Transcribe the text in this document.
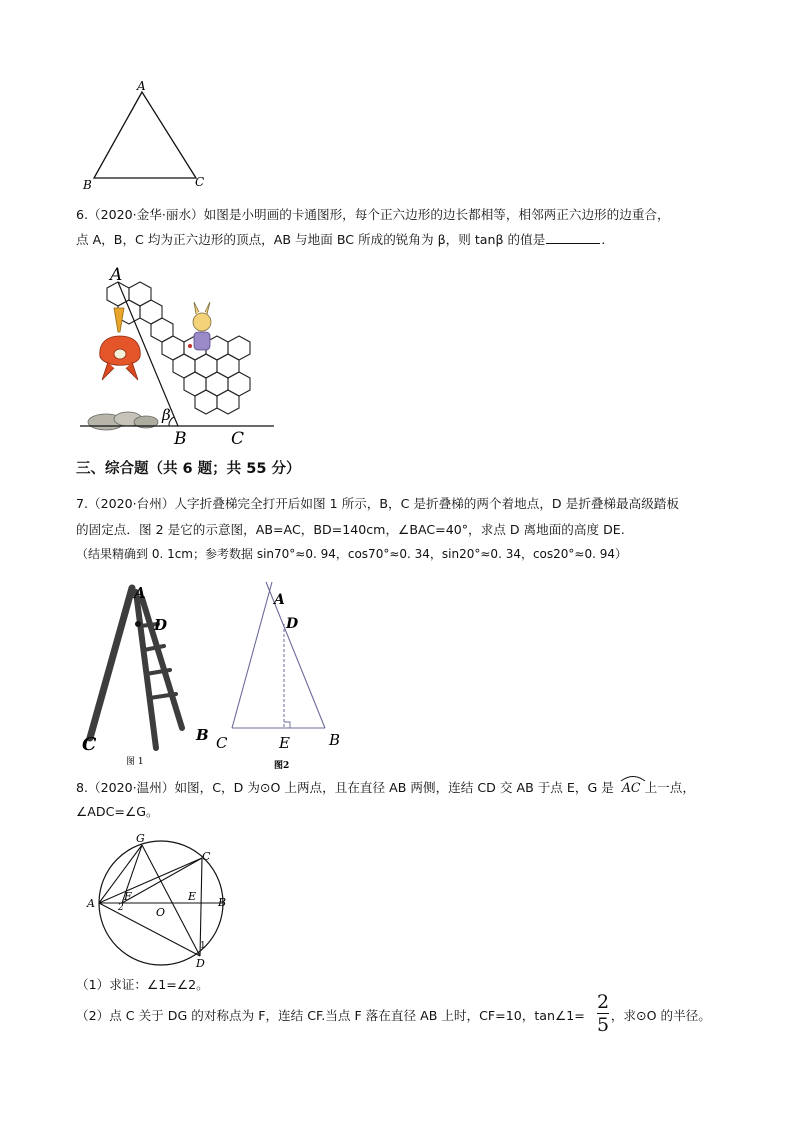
A
B	C
6.（2020·金华·丽水）如图是小明画的卡通图形，每个正六边形的边长都相等，相邻两正六边形的边重合，
点 A，B，C 均为正六边形的顶点，AB 与地面 BC 所成的锐角为 β，则 tanβ 的值是	.
A
B	C
β
三、综合题（共 6 题；共 55 分）
7.（2020·台州）人字折叠梯完全打开后如图 1 所示，B，C 是折叠梯的两个着地点，D 是折叠梯最高级踏板
的固定点．图 2 是它的示意图，AB=AC，BD=140cm，∠BAC=40°，求点 D 离地面的高度 DE.
（结果精确到 0. 1cm；参考数据 sin70°≈0. 94，cos70°≈0. 34，sin20°≈0. 34，cos20°≈0. 94）
A
D
B
C
图 1
A
D
C	E	B
图2
8.（2020·温州）如图，C，D 为⊙O 上两点，且在直径 AB 两侧，连结 CD 交 AB 于点 E，G 是 AC 上一点，
∠ADC=∠G。
G
C
A
F	E B
O
D
1
2
（1）求证：∠1=∠2。
（2）点 C 关于 DG 的对称点为 F，连结 CF.当点 F 落在直径 AB 上时，CF=10，tan∠1= ，求⊙O 的半径。
2
5
